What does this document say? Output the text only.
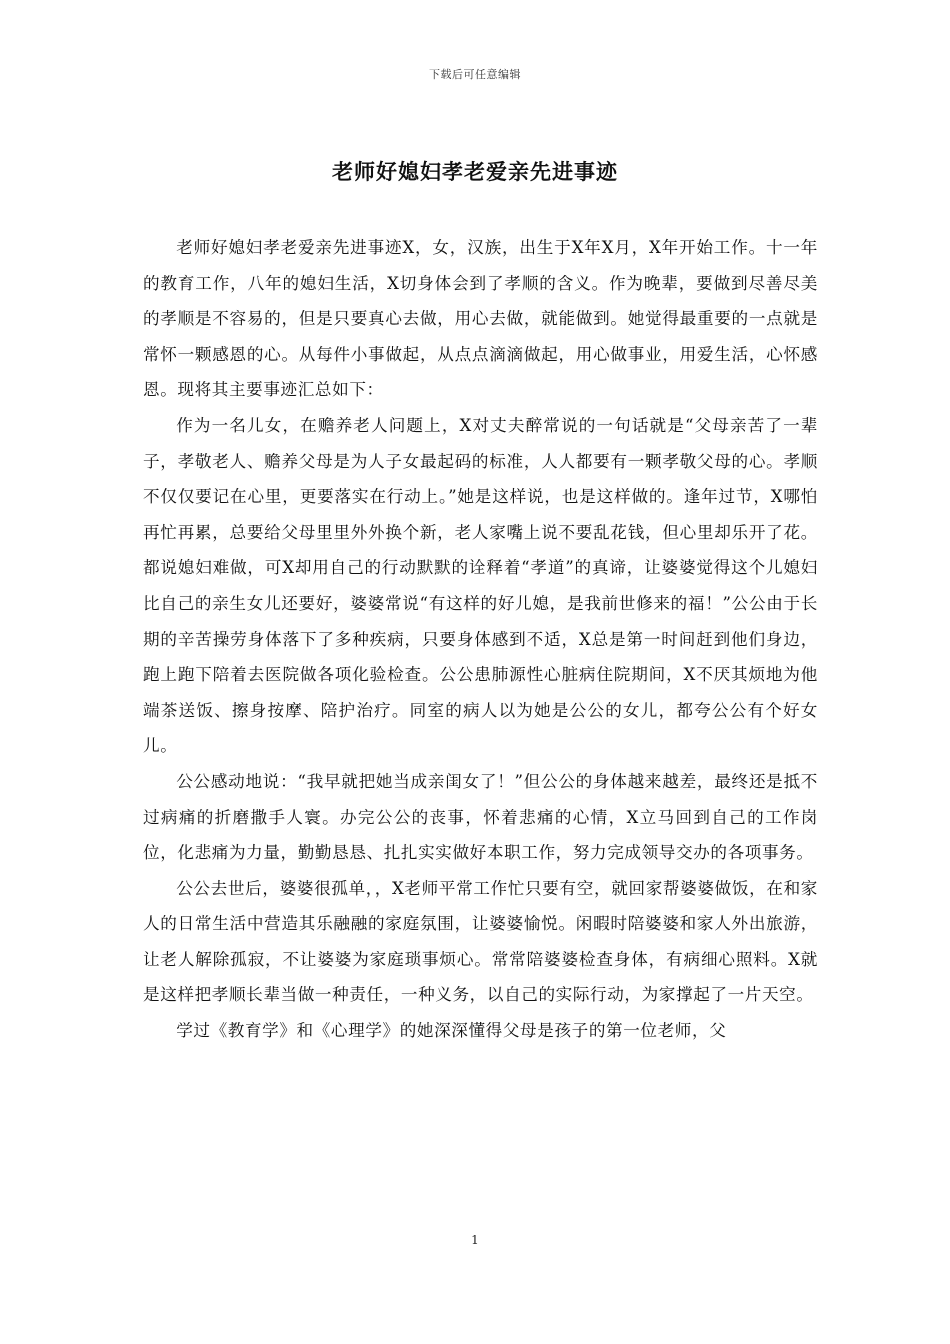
下载后可任意编辑
老师好媳妇孝老爱亲先进事迹

老师好媳妇孝老爱亲先进事迹X，女，汉族，出生于X年X月，X年开始工作。十一年的教育工作，八年的媳妇生活，X切身体会到了孝顺的含义。作为晚辈，要做到尽善尽美的孝顺是不容易的，但是只要真心去做，用心去做，就能做到。她觉得最重要的一点就是常怀一颗感恩的心。从每件小事做起，从点点滴滴做起，用心做事业，用爱生活，心怀感恩。现将其主要事迹汇总如下：

作为一名儿女，在赡养老人问题上，X对丈夫醉常说的一句话就是“父母亲苦了一辈子，孝敬老人、赡养父母是为人子女最起码的标准，人人都要有一颗孝敬父母的心。孝顺不仅仅要记在心里，更要落实在行动上。”她是这样说，也是这样做的。逢年过节，X哪怕再忙再累，总要给父母里里外外换个新，老人家嘴上说不要乱花钱，但心里却乐开了花。都说媳妇难做，可X却用自己的行动默默的诠释着“孝道”的真谛，让婆婆觉得这个儿媳妇比自己的亲生女儿还要好，婆婆常说“有这样的好儿媳，是我前世修来的福！”公公由于长期的辛苦操劳身体落下了多种疾病，只要身体感到不适，X总是第一时间赶到他们身边，跑上跑下陪着去医院做各项化验检查。公公患肺源性心脏病住院期间，X不厌其烦地为他端茶送饭、擦身按摩、陪护治疗。同室的病人以为她是公公的女儿，都夸公公有个好女儿。

公公感动地说：“我早就把她当成亲闺女了！”但公公的身体越来越差，最终还是抵不过病痛的折磨撒手人寰。办完公公的丧事，怀着悲痛的心情，X立马回到自己的工作岗位，化悲痛为力量，勤勤恳恳、扎扎实实做好本职工作，努力完成领导交办的各项事务。

公公去世后，婆婆很孤单，，X老师平常工作忙只要有空，就回家帮婆婆做饭，在和家人的日常生活中营造其乐融融的家庭氛围，让婆婆愉悦。闲暇时陪婆婆和家人外出旅游，让老人解除孤寂，不让婆婆为家庭琐事烦心。常常陪婆婆检查身体，有病细心照料。X就是这样把孝顺长辈当做一种责任，一种义务，以自己的实际行动，为家撑起了一片天空。

学过《教育学》和《心理学》的她深深懂得父母是孩子的第一位老师，父

1
